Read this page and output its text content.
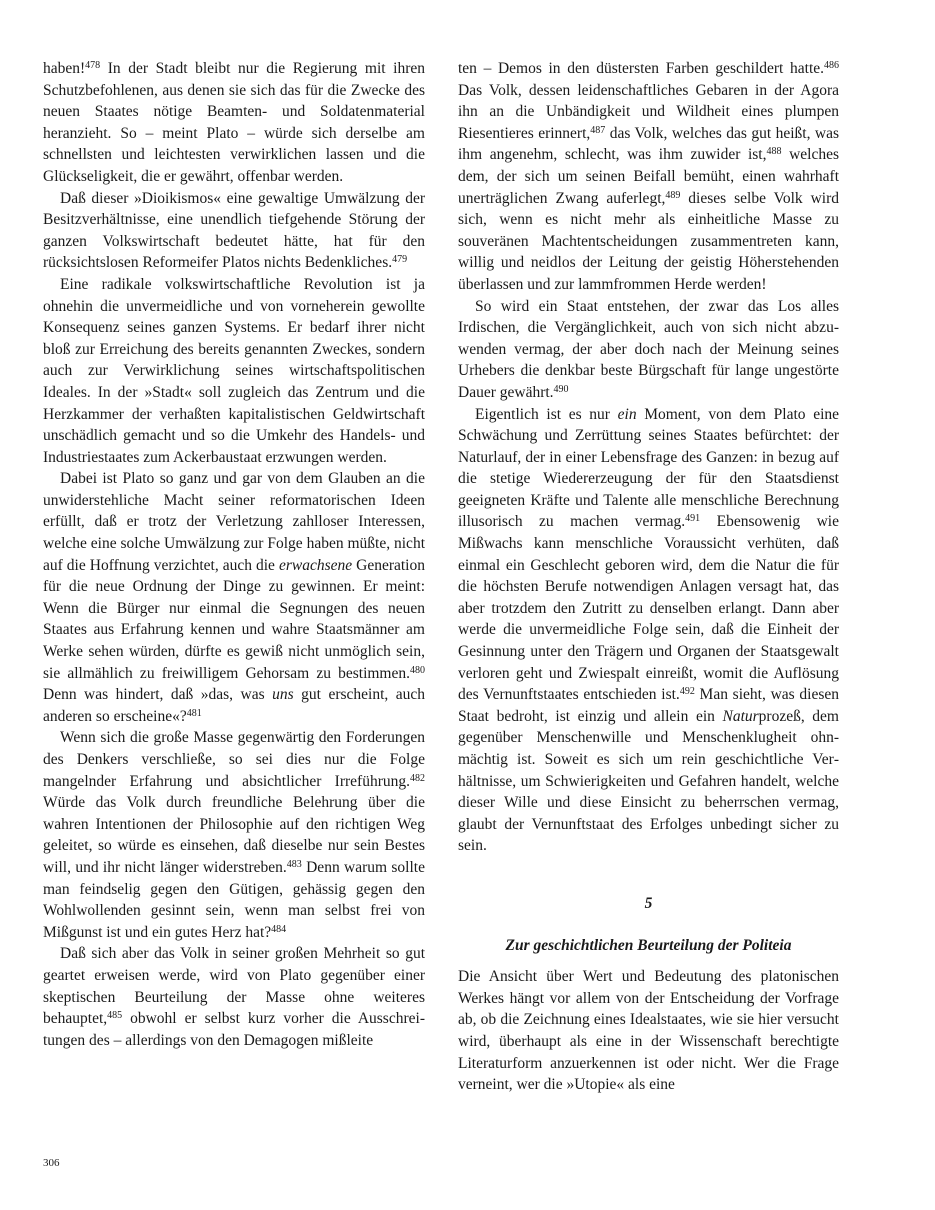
haben!$^{478}$ In der Stadt bleibt nur die Regierung mit ihren Schutzbefohlenen, aus denen sie sich das für die Zwecke des neuen Staates nötige Beamten- und Soldatenmaterial heranzieht. So – meint Plato – würde sich derselbe am schnellsten und leichtesten verwirklichen lassen und die Glückseligkeit, die er gewährt, offenbar werden.

Daß dieser »Dioikismos« eine gewaltige Umwälzung der Besitzverhältnisse, eine unendlich tiefgehende Störung der ganzen Volkswirtschaft bedeutet hätte, hat für den rücksichtslosen Reformeifer Platos nichts Bedenkliches.$^{479}$

Eine radikale volkswirtschaftliche Revolution ist ja ohnehin die unvermeidliche und von vorneherein gewollte Konsequenz seines ganzen Systems. Er bedarf ihrer nicht bloß zur Erreichung des bereits genannten Zweckes, sondern auch zur Verwirklichung seines wirtschaftspolitischen Ideales. In der »Stadt« soll zugleich das Zentrum und die Herzkammer der verhaßten kapitalistischen Geldwirtschaft unschädlich gemacht und so die Umkehr des Handels- und Industriestaates zum Ackerbaustaat erzwungen werden.

Dabei ist Plato so ganz und gar von dem Glauben an die unwiderstehliche Macht seiner reformatorischen Ideen erfüllt, daß er trotz der Verletzung zahlloser Interessen, welche eine solche Umwälzung zur Folge haben müßte, nicht auf die Hoffnung verzichtet, auch die erwachsene Generation für die neue Ordnung der Dinge zu gewinnen. Er meint: Wenn die Bürger nur einmal die Segnungen des neuen Staates aus Erfahrung kennen und wahre Staatsmänner am Werke sehen würden, dürfte es gewiß nicht unmöglich sein, sie allmählich zu freiwilligem Gehorsam zu bestimmen.$^{480}$ Denn was hindert, daß »das, was uns gut erscheint, auch anderen so erscheine«?$^{481}$

Wenn sich die große Masse gegenwärtig den Forderungen des Denkers verschließe, so sei dies nur die Folge mangelnder Erfahrung und absichtlicher Irreführung.$^{482}$ Würde das Volk durch freundliche Belehrung über die wahren Intentionen der Philosophie auf den richtigen Weg geleitet, so würde es einsehen, daß dieselbe nur sein Bestes will, und ihr nicht länger widerstreben.$^{483}$ Denn warum sollte man feindselig gegen den Gütigen, gehässig gegen den Wohlwollenden gesinnt sein, wenn man selbst frei von Mißgunst ist und ein gutes Herz hat?$^{484}$

Daß sich aber das Volk in seiner großen Mehrheit so gut geartet erweisen werde, wird von Plato gegenüber einer skeptischen Beurteilung der Masse ohne weiteres behauptet,$^{485}$ obwohl er selbst kurz vorher die Ausschreitungen des – allerdings von den Demagogen mißleite

ten – Demos in den düstersten Farben geschildert hatte.$^{486}$ Das Volk, dessen leidenschaftliches Gebaren in der Agora ihn an die Unbändigkeit und Wildheit eines plumpen Riesentieres erinnert,$^{487}$ das Volk, welches das gut heißt, was ihm angenehm, schlecht, was ihm zuwider ist,$^{488}$ welches dem, der sich um seinen Beifall bemüht, einen wahrhaft unerträglichen Zwang auferlegt,$^{489}$ dieses selbe Volk wird sich, wenn es nicht mehr als einheitliche Masse zu souveränen Machtentscheidungen zusammentreten kann, willig und neidlos der Leitung der geistig Höherstehenden überlassen und zur lammfrommen Herde werden!

So wird ein Staat entstehen, der zwar das Los alles Irdischen, die Vergänglichkeit, auch von sich nicht abzuwenden vermag, der aber doch nach der Meinung seines Urhebers die denkbar beste Bürgschaft für lange ungestörte Dauer gewährt.$^{490}$

Eigentlich ist es nur ein Moment, von dem Plato eine Schwächung und Zerrüttung seines Staates befürchtet: der Naturlauf, der in einer Lebensfrage des Ganzen: in bezug auf die stetige Wiedererzeugung der für den Staatsdienst geeigneten Kräfte und Talente alle menschliche Berechnung illusorisch zu machen vermag.$^{491}$ Ebensowenig wie Mißwachs kann menschliche Voraussicht verhüten, daß einmal ein Geschlecht geboren wird, dem die Natur die für die höchsten Berufe notwendigen Anlagen versagt hat, das aber trotzdem den Zutritt zu denselben erlangt. Dann aber werde die unvermeidliche Folge sein, daß die Einheit der Gesinnung unter den Trägern und Organen der Staatsgewalt verloren geht und Zwiespalt einreißt, womit die Auflösung des Vernunftstaates entschieden ist.$^{492}$ Man sieht, was diesen Staat bedroht, ist einzig und allein ein Naturprozeß, dem gegenüber Menschenwille und Menschenklugheit ohnmächtig ist. Soweit es sich um rein geschichtliche Verhältnisse, um Schwierigkeiten und Gefahren handelt, welche dieser Wille und diese Einsicht zu beherrschen vermag, glaubt der Vernunftstaat des Erfolges unbedingt sicher zu sein.

5
Zur geschichtlichen Beurteilung der Politeia

Die Ansicht über Wert und Bedeutung des platonischen Werkes hängt vor allem von der Entscheidung der Vorfrage ab, ob die Zeichnung eines Idealstaates, wie sie hier versucht wird, überhaupt als eine in der Wissenschaft berechtigte Literaturform anzuerkennen ist oder nicht. Wer die Frage verneint, wer die »Utopie« als eine

306
